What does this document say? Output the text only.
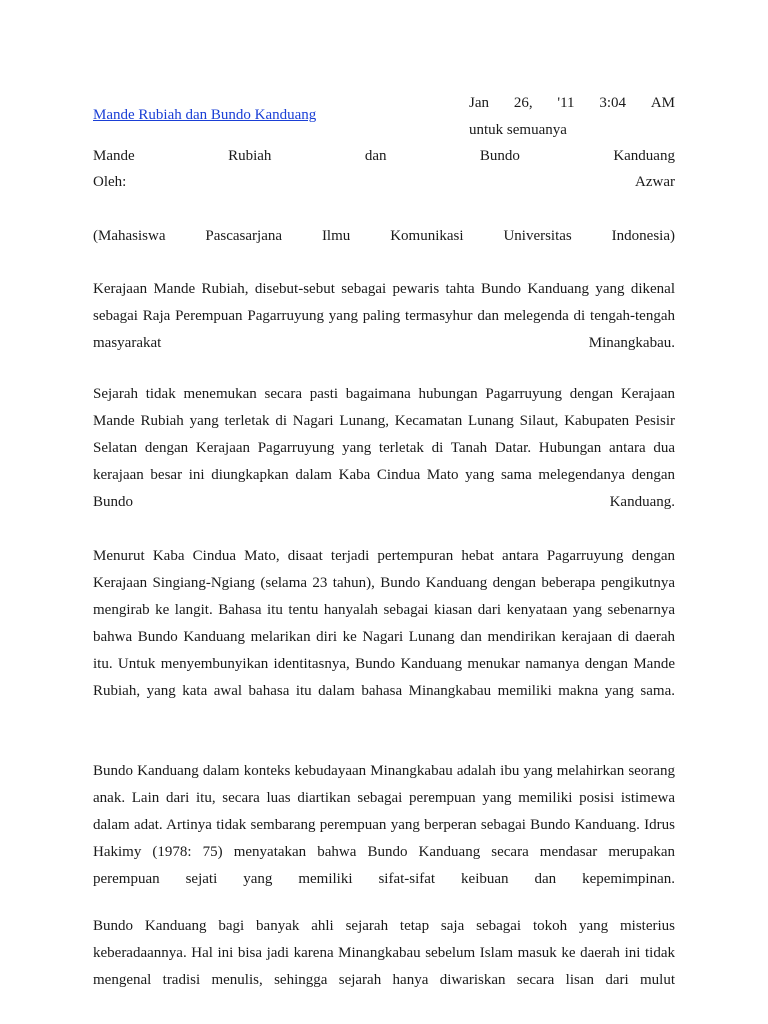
Mande Rubiah dan Bundo Kanduang
Jan 26, '11 3:04 AM
untuk semuanya
Mande	Rubiah	dan	Bundo	Kanduang
Oleh:	Azwar
(Mahasiswa	Pascasarjana	Ilmu	Komunikasi	Universitas	Indonesia)

Kerajaan Mande Rubiah, disebut-sebut sebagai pewaris tahta Bundo Kanduang yang dikenal sebagai Raja Perempuan Pagarruyung yang paling termasyhur dan melegenda di tengah-tengah masyarakat Minangkabau.

Sejarah tidak menemukan secara pasti bagaimana hubungan Pagarruyung dengan Kerajaan Mande Rubiah yang terletak di Nagari Lunang, Kecamatan Lunang Silaut, Kabupaten Pesisir Selatan dengan Kerajaan Pagarruyung yang terletak di Tanah Datar. Hubungan antara dua kerajaan besar ini diungkapkan dalam Kaba Cindua Mato yang sama melegendanya dengan Bundo Kanduang.

Menurut Kaba Cindua Mato, disaat terjadi pertempuran hebat antara Pagarruyung dengan Kerajaan Singiang-Ngiang (selama 23 tahun), Bundo Kanduang dengan beberapa pengikutnya mengirab ke langit. Bahasa itu tentu hanyalah sebagai kiasan dari kenyataan yang sebenarnya bahwa Bundo Kanduang melarikan diri ke Nagari Lunang dan mendirikan kerajaan di daerah itu. Untuk menyembunyikan identitasnya, Bundo Kanduang menukar namanya dengan Mande Rubiah, yang kata awal bahasa itu dalam bahasa Minangkabau memiliki makna yang sama.

Bundo Kanduang dalam konteks kebudayaan Minangkabau adalah ibu yang melahirkan seorang anak. Lain dari itu, secara luas diartikan sebagai perempuan yang memiliki posisi istimewa dalam adat. Artinya tidak sembarang perempuan yang berperan sebagai Bundo Kanduang. Idrus Hakimy (1978: 75) menyatakan bahwa Bundo Kanduang secara mendasar merupakan perempuan sejati yang memiliki sifat-sifat keibuan dan kepemimpinan.

Bundo Kanduang bagi banyak ahli sejarah tetap saja sebagai tokoh yang misterius keberadaannya. Hal ini bisa jadi karena Minangkabau sebelum Islam masuk ke daerah ini tidak mengenal tradisi menulis, sehingga sejarah hanya diwariskan secara lisan dari mulut
